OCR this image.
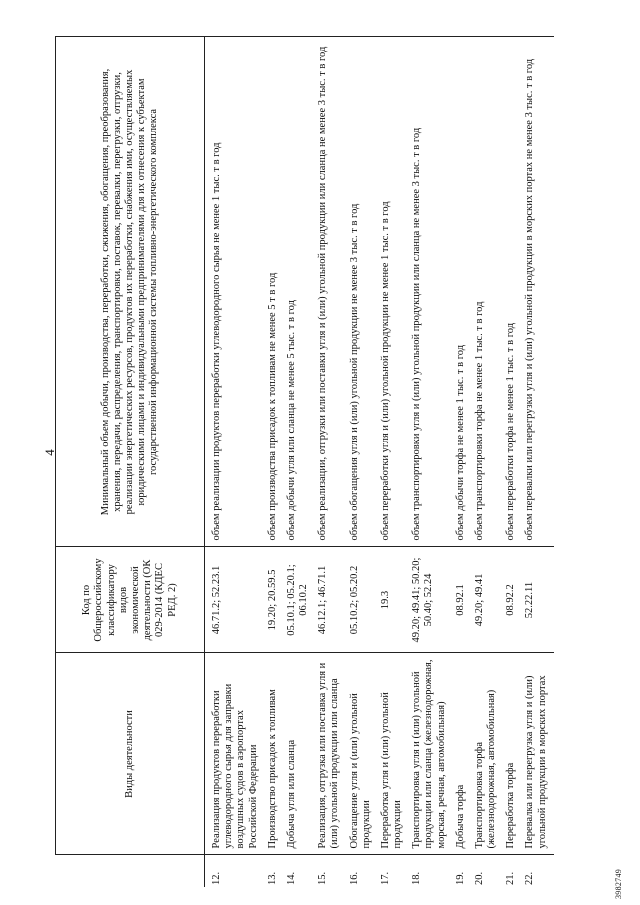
4
	Виды деятельности	Код по Общероссийскому классификатору видов экономической деятельности (ОК 029-2014 (КДЕС РЕД. 2)	Минимальный объем добычи, производства, переработки, сжижения, обогащения, преобразования, хранения, передачи, распределения, транспортировки, поставок, перевалки, перегрузки, отгрузки, реализации энергетических ресурсов, продуктов их переработки, снабжения ими, осуществляемых юридическими лицами и индивидуальными предпринимателями для их отнесения к субъектам государственной информационной системы топливно-энергетического комплекса
12.	Реализация продуктов переработки углеводородного сырья для заправки воздушных судов в аэропортах Российской Федерации	46.71.2; 52.23.1	объем реализации продуктов переработки углеводородного сырья не менее 1 тыс. т в год
13.	Производство присадок к топливам	19.20; 20.59.5	объем производства присадок к топливам не менее 5 т в год
14.	Добыча угля или сланца	05.10.1; 05.20.1; 06.10.2	объем добычи угля или сланца не менее 5 тыс. т в год
15.	Реализация, отгрузка или поставка угля и (или) угольной продукции или сланца	46.12.1; 46.71.1	объем реализации, отгрузки или поставки угля и (или) угольной продукции или сланца не менее 3 тыс. т в год
16.	Обогащение угля и (или) угольной продукции	05.10.2; 05.20.2	объем обогащения угля и (или) угольной продукции не менее 3 тыс. т в год
17.	Переработка угля и (или) угольной продукции	19.3	объем переработки угля и (или) угольной продукции не менее 1 тыс. т в год
18.	Транспортировка угля и (или) угольной продукции или сланца (железнодорожная, морская, речная, автомобильная)	49.20; 49.41; 50.20; 50.40; 52.24	объем транспортировки угля и (или) угольной продукции или сланца не менее 3 тыс. т в год
19.	Добыча торфа	08.92.1	объем добычи торфа не менее 1 тыс. т в год
20.	Транспортировка торфа (железнодорожная, автомобильная)	49.20; 49.41	объем транспортировки торфа не менее 1 тыс. т в год
21.	Переработка торфа	08.92.2	объем переработки торфа не менее 1 тыс. т в год
22.	Перевалка или перегрузка угля и (или) угольной продукции в морских портах	52.22.11	объем перевалки или перегрузки угля и (или) угольной продукции в морских портах не менее 3 тыс. т в год
3982749
